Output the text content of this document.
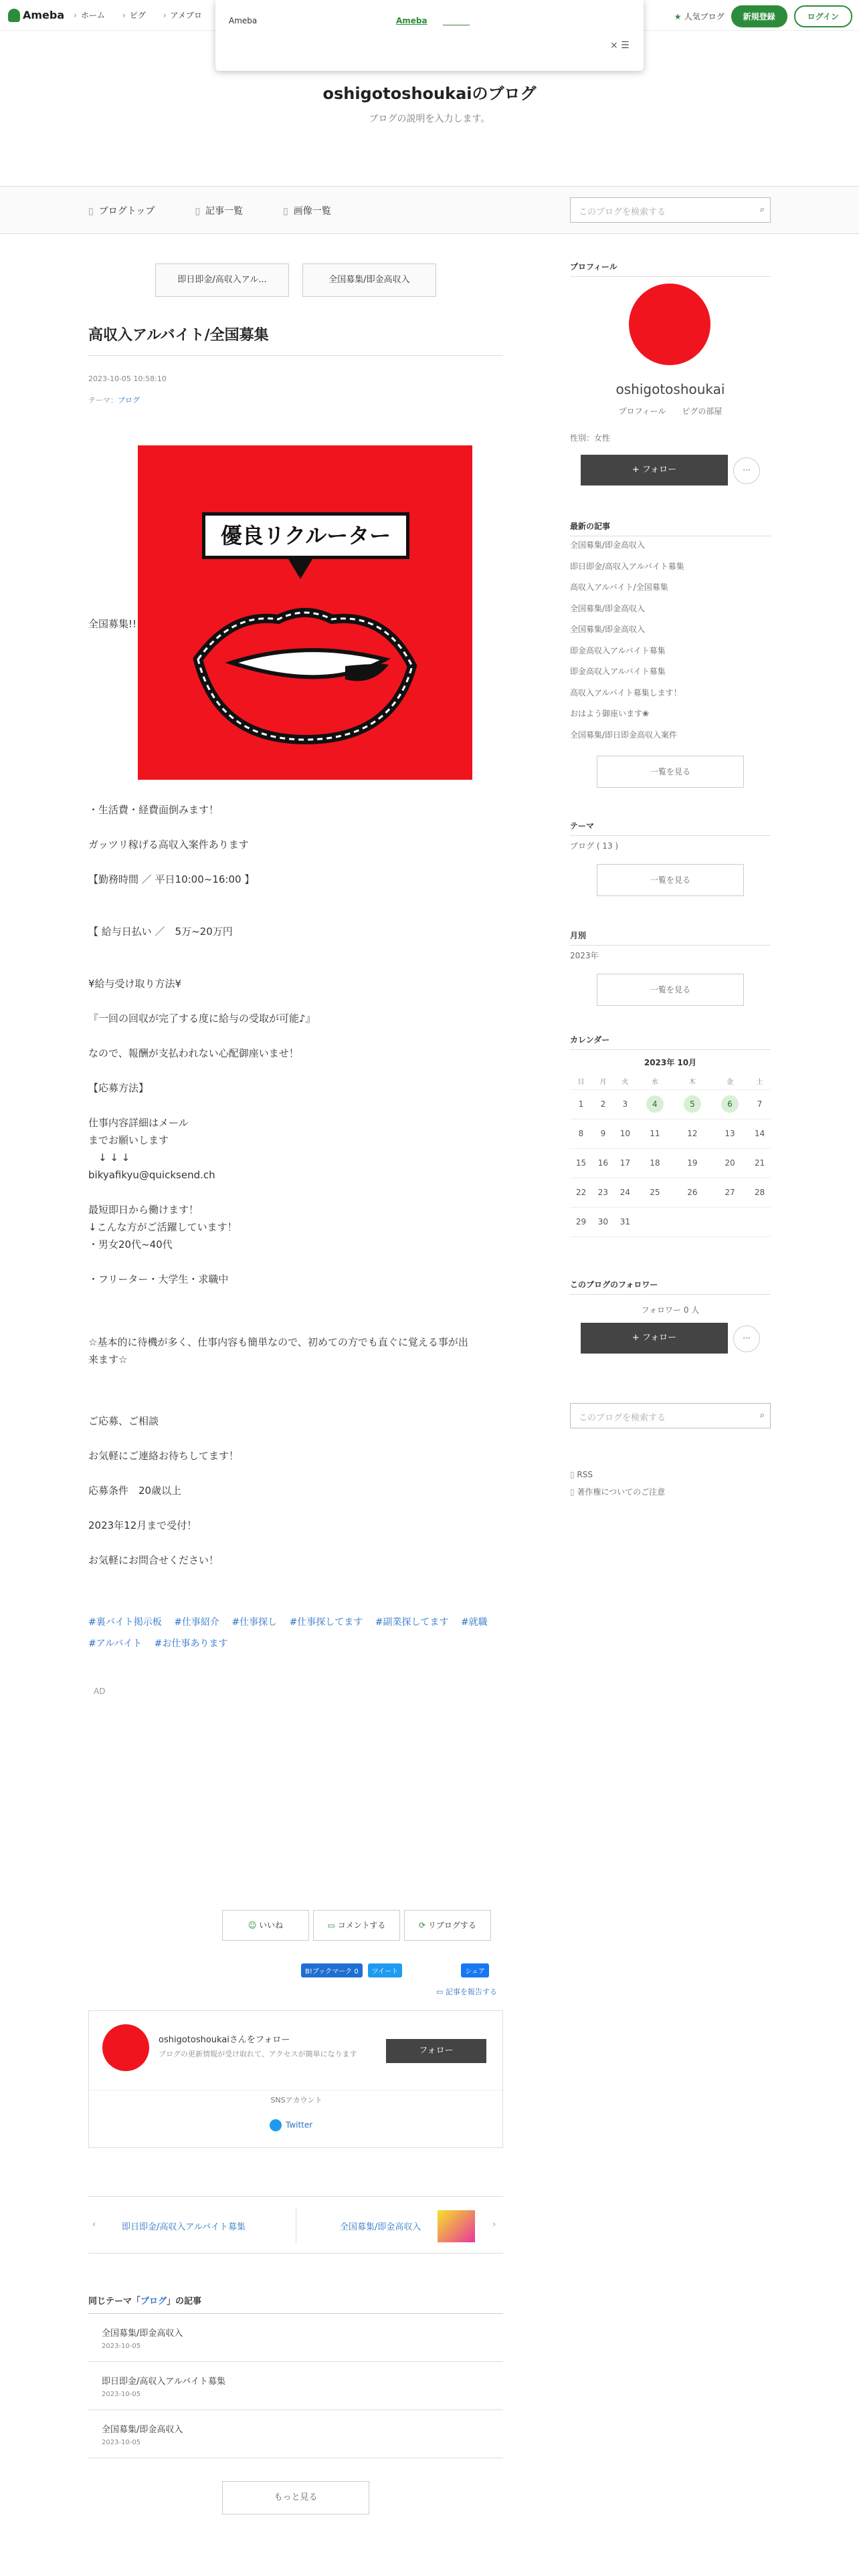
Ameba	› ホーム	› ピグ	› アメブロ	★ 人気ブログ	新規登録	ログイン
Ameba	Ameba
× ☰
oshigotoshoukaiのブログ
ブログの説明を入力します。
▯ ブログトップ	▯ 記事一覧	▯ 画像一覧	このブログを検索する	⌕
即日即金/高収入アル...	全国募集/即金高収入
高収入アルバイト/全国募集
2023-10-05 10:58:10
テーマ：ブログ
優良リクルーター
全国募集!!
・生活費・経費面倒みます！
ガッツリ稼げる高収入案件あります
【勤務時間 ／ 平日10:00~16:00 】
【 給与日払い ／　5万~20万円
¥給与受け取り方法¥
『一回の回収が完了する度に給与の受取が可能♪』
なので、報酬が支払われない心配御座いませ！
【応募方法】
仕事内容詳細はメール
までお願いします
　↓ ↓ ↓
bikyafikyu@quicksend.ch
最短即日から働けます！
↓こんな方がご活躍しています！
・男女20代~40代
・フリーター・大学生・求職中
☆基本的に待機が多く、仕事内容も簡単なので、初めての方でも直ぐに覚える事が出
来ます☆
ご応募、ご相談
お気軽にご連絡お待ちしてます！
応募条件　20歳以上
2023年12月まで受付！
お気軽にお問合せください！
#裏バイト掲示板 #仕事紹介 #仕事探し #仕事探してます #副業探してます #就職
#アルバイト #お仕事あります
AD
☺ いいね	▭ コメントする	⟳ リブログする
B!ブックマーク 0	ツイート	シェア
▭ 記事を報告する
oshigotoshoukaiさんをフォロー
ブログの更新情報が受け取れて、アクセスが簡単になります	フォロー
SNSアカウント
Twitter
‹	即日即金/高収入アルバイト募集	全国募集/即金高収入	›
同じテーマ「ブログ」の記事
全国募集/即金高収入
2023-10-05
即日即金/高収入アルバイト募集
2023-10-05
全国募集/即金高収入
2023-10-05
もっと見る
プロフィール
oshigotoshoukai
プロフィール　　ピグの部屋
性別：女性
+ フォロー	···
最新の記事
全国募集/即金高収入
即日即金/高収入アルバイト募集
高収入アルバイト/全国募集
全国募集/即金高収入
全国募集/即金高収入
即金高収入アルバイト募集
即金高収入アルバイト募集
高収入アルバイト募集します！
おはよう御座います❀
全国募集/即日即金高収入案件
一覧を見る
テーマ
ブログ ( 13 )
一覧を見る
月別
2023年
一覧を見る
カレンダー
2023年 10月
日	月	火	水	木	金	土
1	2	3	4	5	6	7
8	9	10	11	12	13	14
15	16	17	18	19	20	21
22	23	24	25	26	27	28
29	30	31				
このブログのフォロワー
フォロワー 0 人
+ フォロー	···
このブログを検索する	⌕
▯ RSS
▯ 著作権についてのご注意
